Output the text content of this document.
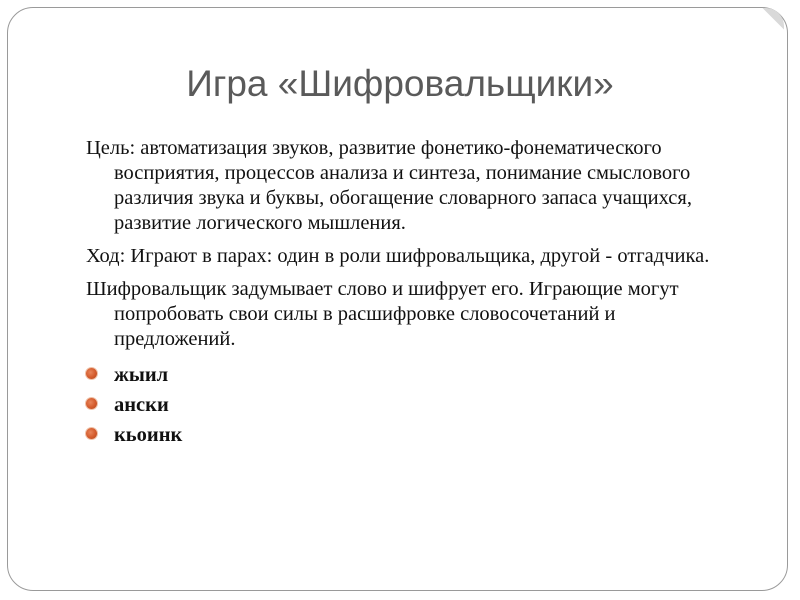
Игра «Шифровальщики»

Цель: автоматизация звуков, развитие фонетико-фонематического восприятия, процессов анализа и синтеза, понимание смыслового различия звука и буквы, обогащение словарного запаса учащихся, развитие логического мышления.

Ход: Играют в парах: один в роли шифровальщика, другой - отгадчика.

Шифровальщик задумывает слово и шифрует его. Играющие могут попробовать свои силы в расшифровке словосочетаний и предложений.

жыил
ански
кьоинк
